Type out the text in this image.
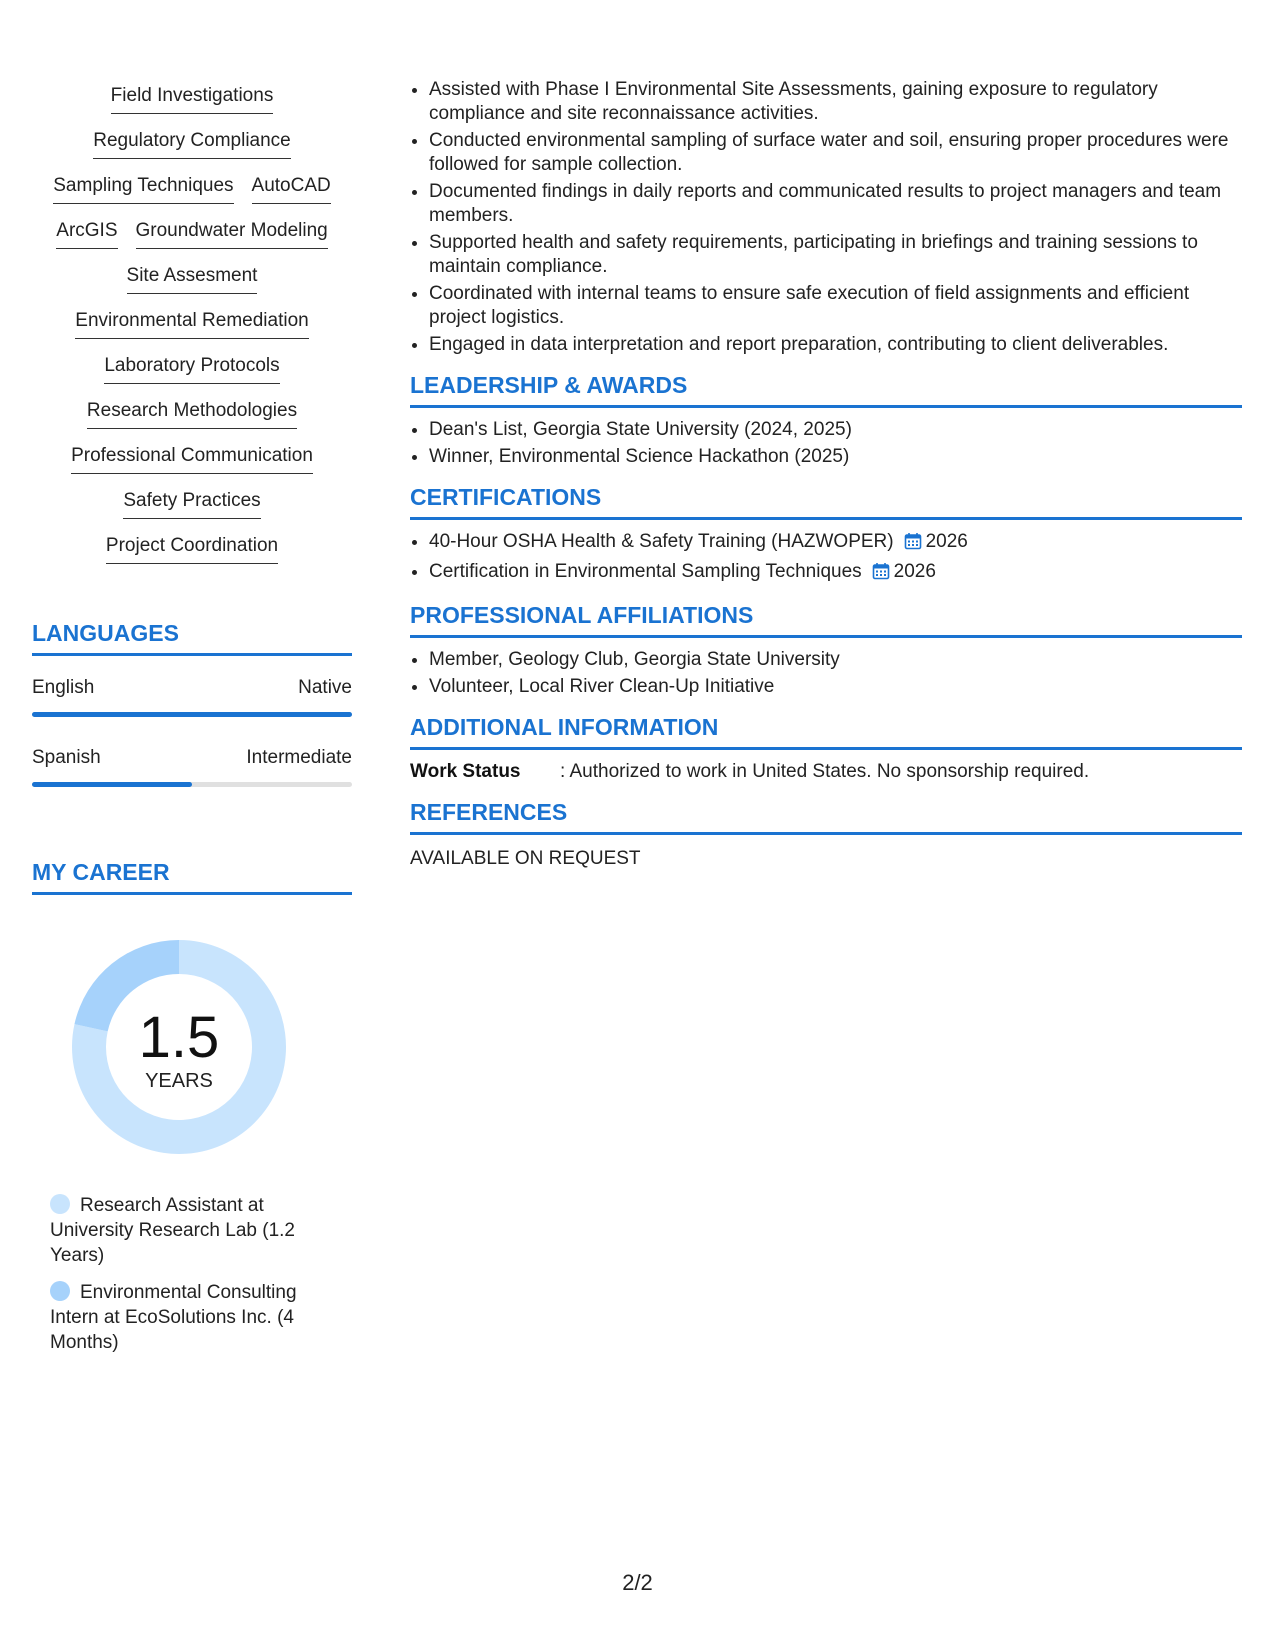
Field Investigations
Regulatory Compliance
Sampling Techniques AutoCAD
ArcGIS Groundwater Modeling
Site Assesment
Environmental Remediation
Laboratory Protocols
Research Methodologies
Professional Communication
Safety Practices
Project Coordination
LANGUAGES
English	Native
Spanish	Intermediate
MY CAREER
1.5
YEARS
Research Assistant at University Research Lab (1.2 Years)
Environmental Consulting Intern at EcoSolutions Inc. (4 Months)
• Assisted with Phase I Environmental Site Assessments, gaining exposure to regulatory compliance and site reconnaissance activities.
• Conducted environmental sampling of surface water and soil, ensuring proper procedures were followed for sample collection.
• Documented findings in daily reports and communicated results to project managers and team members.
• Supported health and safety requirements, participating in briefings and training sessions to maintain compliance.
• Coordinated with internal teams to ensure safe execution of field assignments and efficient project logistics.
• Engaged in data interpretation and report preparation, contributing to client deliverables.
LEADERSHIP & AWARDS
• Dean's List, Georgia State University (2024, 2025)
• Winner, Environmental Science Hackathon (2025)
CERTIFICATIONS
• 40-Hour OSHA Health & Safety Training (HAZWOPER) 2026
• Certification in Environmental Sampling Techniques 2026
PROFESSIONAL AFFILIATIONS
• Member, Geology Club, Georgia State University
• Volunteer, Local River Clean-Up Initiative
ADDITIONAL INFORMATION
Work Status : Authorized to work in United States. No sponsorship required.
REFERENCES
AVAILABLE ON REQUEST
2/2
